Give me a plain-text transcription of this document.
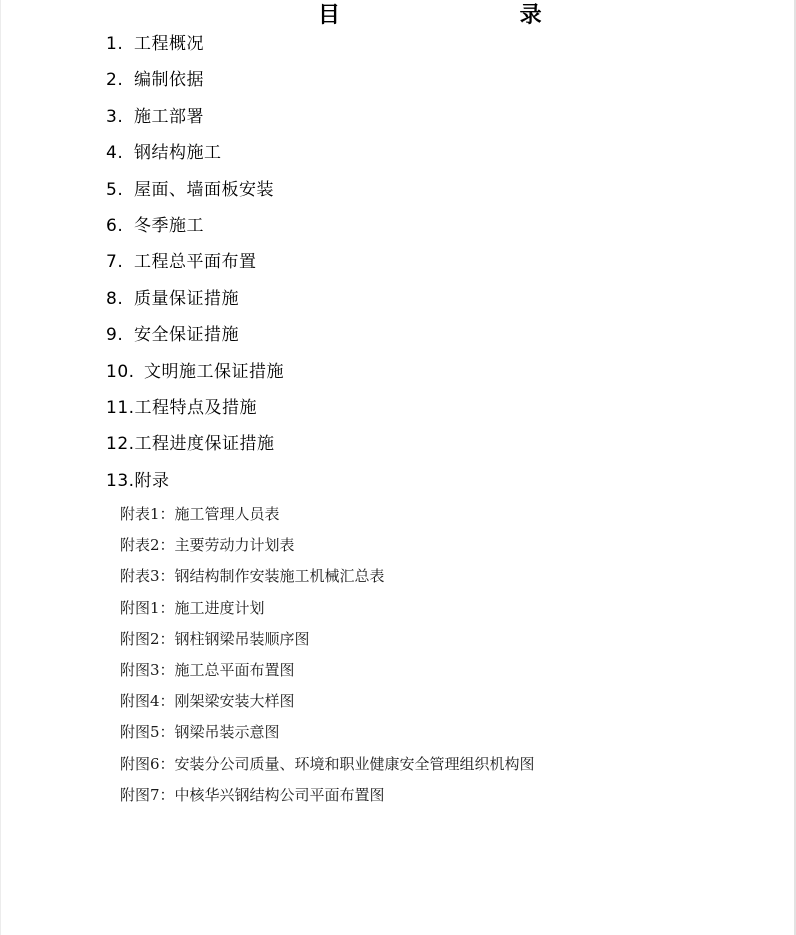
目 录
1. 工程概况
2. 编制依据
3. 施工部署
4. 钢结构施工
5. 屋面、墙面板安装
6. 冬季施工
7. 工程总平面布置
8. 质量保证措施
9. 安全保证措施
10. 文明施工保证措施
11.工程特点及措施
12.工程进度保证措施
13.附录
附表1：施工管理人员表
附表2：主要劳动力计划表
附表3：钢结构制作安装施工机械汇总表
附图1：施工进度计划
附图2：钢柱钢梁吊装顺序图
附图3：施工总平面布置图
附图4：刚架梁安装大样图
附图5：钢梁吊装示意图
附图6：安装分公司质量、环境和职业健康安全管理组织机构图
附图7：中核华兴钢结构公司平面布置图
